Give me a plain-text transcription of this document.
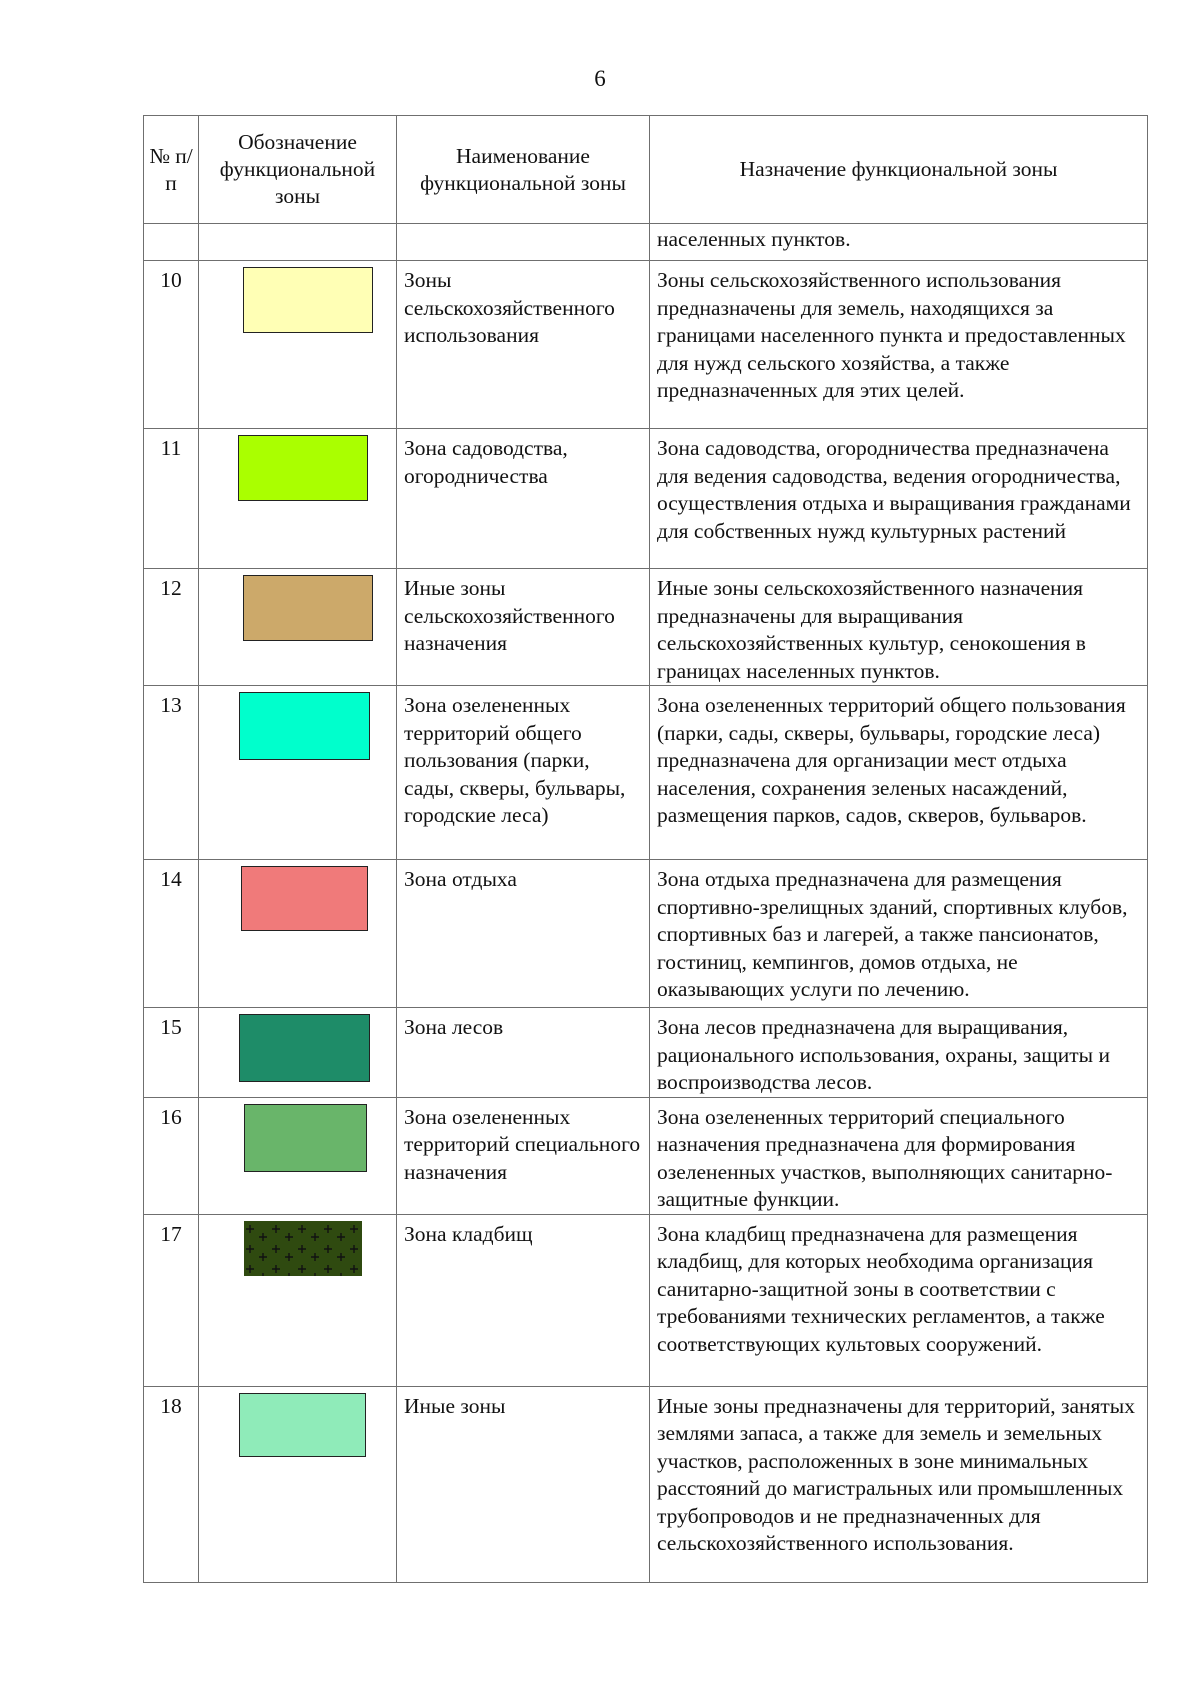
6
№ п/п	Обозначение функциональной зоны	Наименование функциональной зоны	Назначение функциональной зоны
			населенных пунктов.
10		Зоны сельскохозяйственного использования	Зоны сельскохозяйственного использования предназначены для земель, находящихся за границами населенного пункта и предоставленных для нужд сельского хозяйства, а также предназначенных для этих целей.
11		Зона садоводства, огородничества	Зона садоводства, огородничества предназначена для ведения садоводства, ведения огородничества, осуществления отдыха и выращивания гражданами для собственных нужд культурных растений
12		Иные зоны сельскохозяйственного назначения	Иные зоны сельскохозяйственного назначения предназначены для выращивания сельскохозяйственных культур, сенокошения в границах населенных пунктов.
13		Зона озелененных территорий общего пользования (парки, сады, скверы, бульвары, городские леса)	Зона озелененных территорий общего пользования (парки, сады, скверы, бульвары, городские леса) предназначена для организации мест отдыха населения, сохранения зеленых насаждений, размещения парков, садов, скверов, бульваров.
14		Зона отдыха	Зона отдыха предназначена для размещения спортивно-зрелищных зданий, спортивных клубов, спортивных баз и лагерей, а также пансионатов, гостиниц, кемпингов, домов отдыха, не оказывающих услуги по лечению.
15		Зона лесов	Зона лесов предназначена для выращивания, рационального использования, охраны, защиты и воспроизводства лесов.
16		Зона озелененных территорий специального назначения	Зона озелененных территорий специального назначения предназначена для формирования озелененных участков, выполняющих санитарно-защитные функции.
17		Зона кладбищ	Зона кладбищ предназначена для размещения кладбищ, для которых необходима организация санитарно-защитной зоны в соответствии с требованиями технических регламентов, а также соответствующих культовых сооружений.
18		Иные зоны	Иные зоны предназначены для территорий, занятых землями запаса, а также для земель и земельных участков, расположенных в зоне минимальных расстояний до магистральных или промышленных трубопроводов и не предназначенных для сельскохозяйственного использования.
